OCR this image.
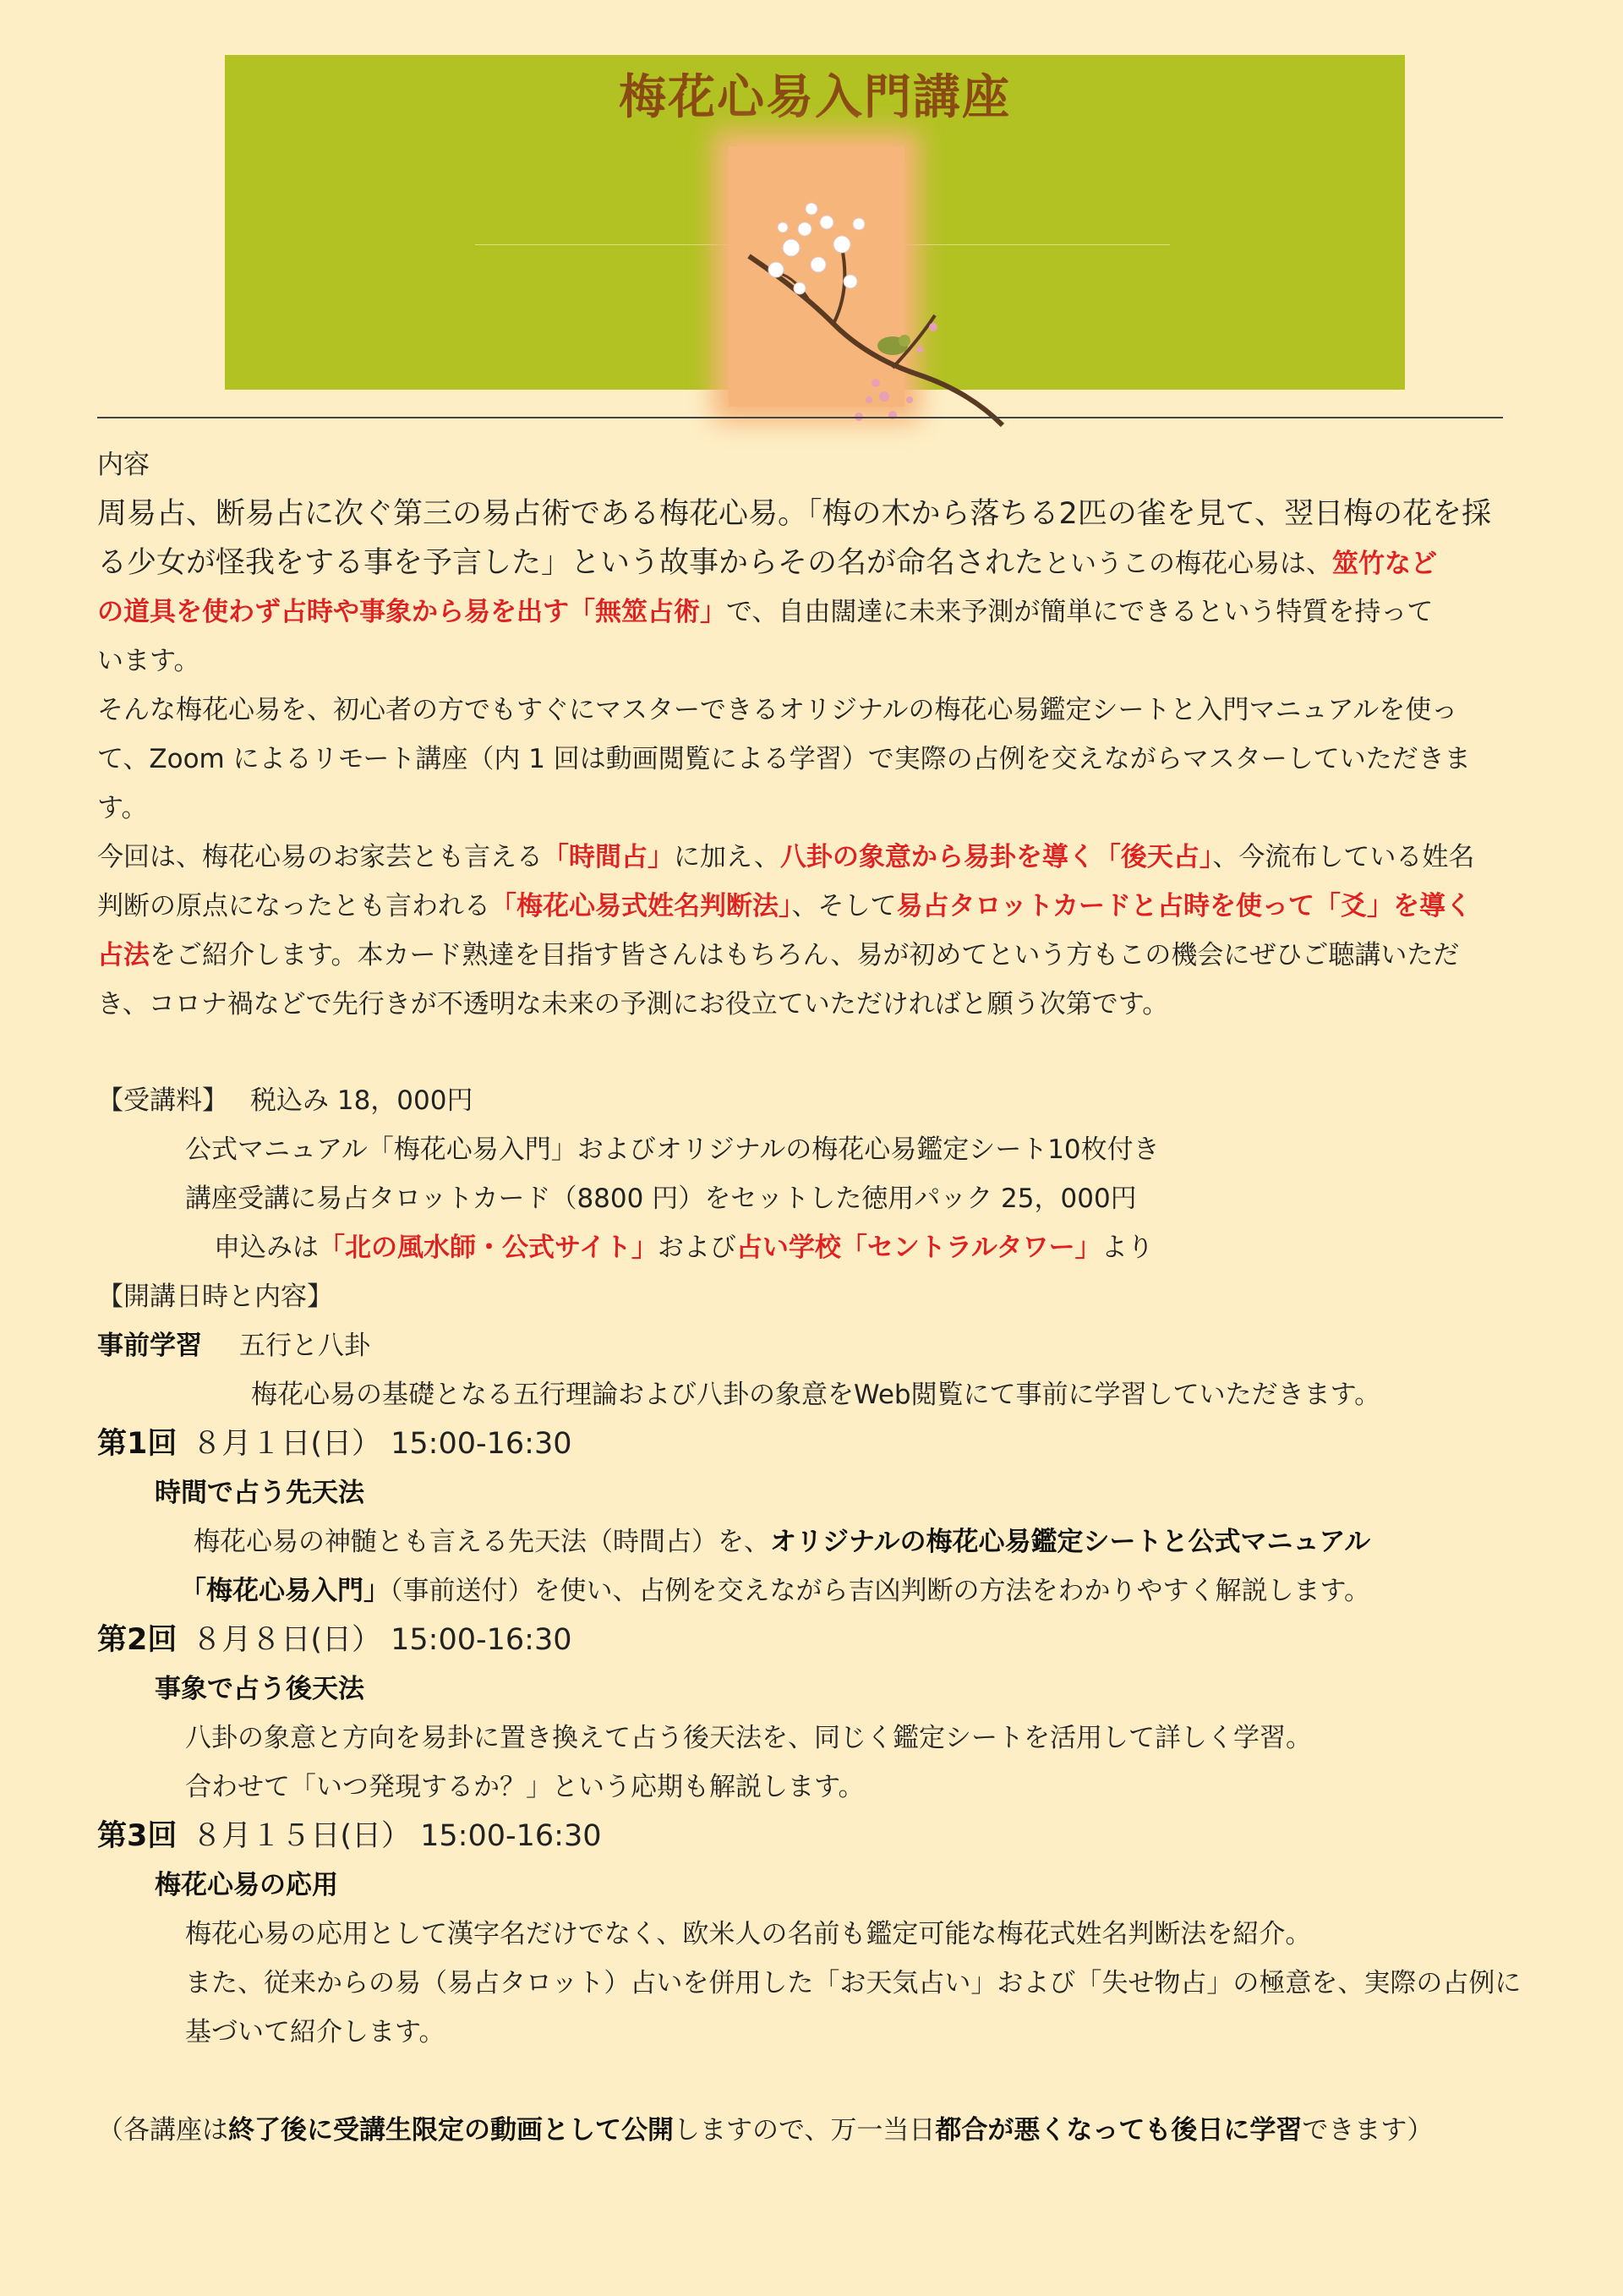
梅花心易入門講座
内容
周易占、断易占に次ぐ第三の易占術である梅花心易。「梅の木から落ちる2匹の雀を見て、翌日梅の花を採
る少女が怪我をする事を予言した」という故事からその名が命名されたというこの梅花心易は、筮竹など
の道具を使わず占時や事象から易を出す「無筮占術」で、自由闊達に未来予測が簡単にできるという特質を持って
います。
そんな梅花心易を、初心者の方でもすぐにマスターできるオリジナルの梅花心易鑑定シートと入門マニュアルを使っ
て、Zoom によるリモート講座（内 1 回は動画閲覧による学習）で実際の占例を交えながらマスターしていただきま
す。
今回は、梅花心易のお家芸とも言える「時間占」に加え、八卦の象意から易卦を導く「後天占」、今流布している姓名
判断の原点になったとも言われる「梅花心易式姓名判断法」、そして易占タロットカードと占時を使って「爻」を導く
占法をご紹介します。本カード熟達を目指す皆さんはもちろん、易が初めてという方もこの機会にぜひご聴講いただ
き、コロナ禍などで先行きが不透明な未来の予測にお役立ていただければと願う次第です。
【受講料】 税込み 18，000円
公式マニュアル「梅花心易入門」およびオリジナルの梅花心易鑑定シート10枚付き
講座受講に易占タロットカード（8800 円）をセットした徳用パック 25，000円
申込みは「北の風水師・公式サイト」および占い学校「セントラルタワー」より
【開講日時と内容】
事前学習 五行と八卦
梅花心易の基礎となる五行理論および八卦の象意をWeb閲覧にて事前に学習していただきます。
第1回 ８月１日(日） 15:00-16:30
時間で占う先天法
梅花心易の神髄とも言える先天法（時間占）を、オリジナルの梅花心易鑑定シートと公式マニュアル
「梅花心易入門」（事前送付）を使い、占例を交えながら吉凶判断の方法をわかりやすく解説します。
第2回 ８月８日(日） 15:00-16:30
事象で占う後天法
八卦の象意と方向を易卦に置き換えて占う後天法を、同じく鑑定シートを活用して詳しく学習。
合わせて「いつ発現するか？」という応期も解説します。
第3回 ８月１５日(日） 15:00-16:30
梅花心易の応用
梅花心易の応用として漢字名だけでなく、欧米人の名前も鑑定可能な梅花式姓名判断法を紹介。
また、従来からの易（易占タロット）占いを併用した「お天気占い」および「失せ物占」の極意を、実際の占例に
基づいて紹介します。
（各講座は終了後に受講生限定の動画として公開しますので、万一当日都合が悪くなっても後日に学習できます）
